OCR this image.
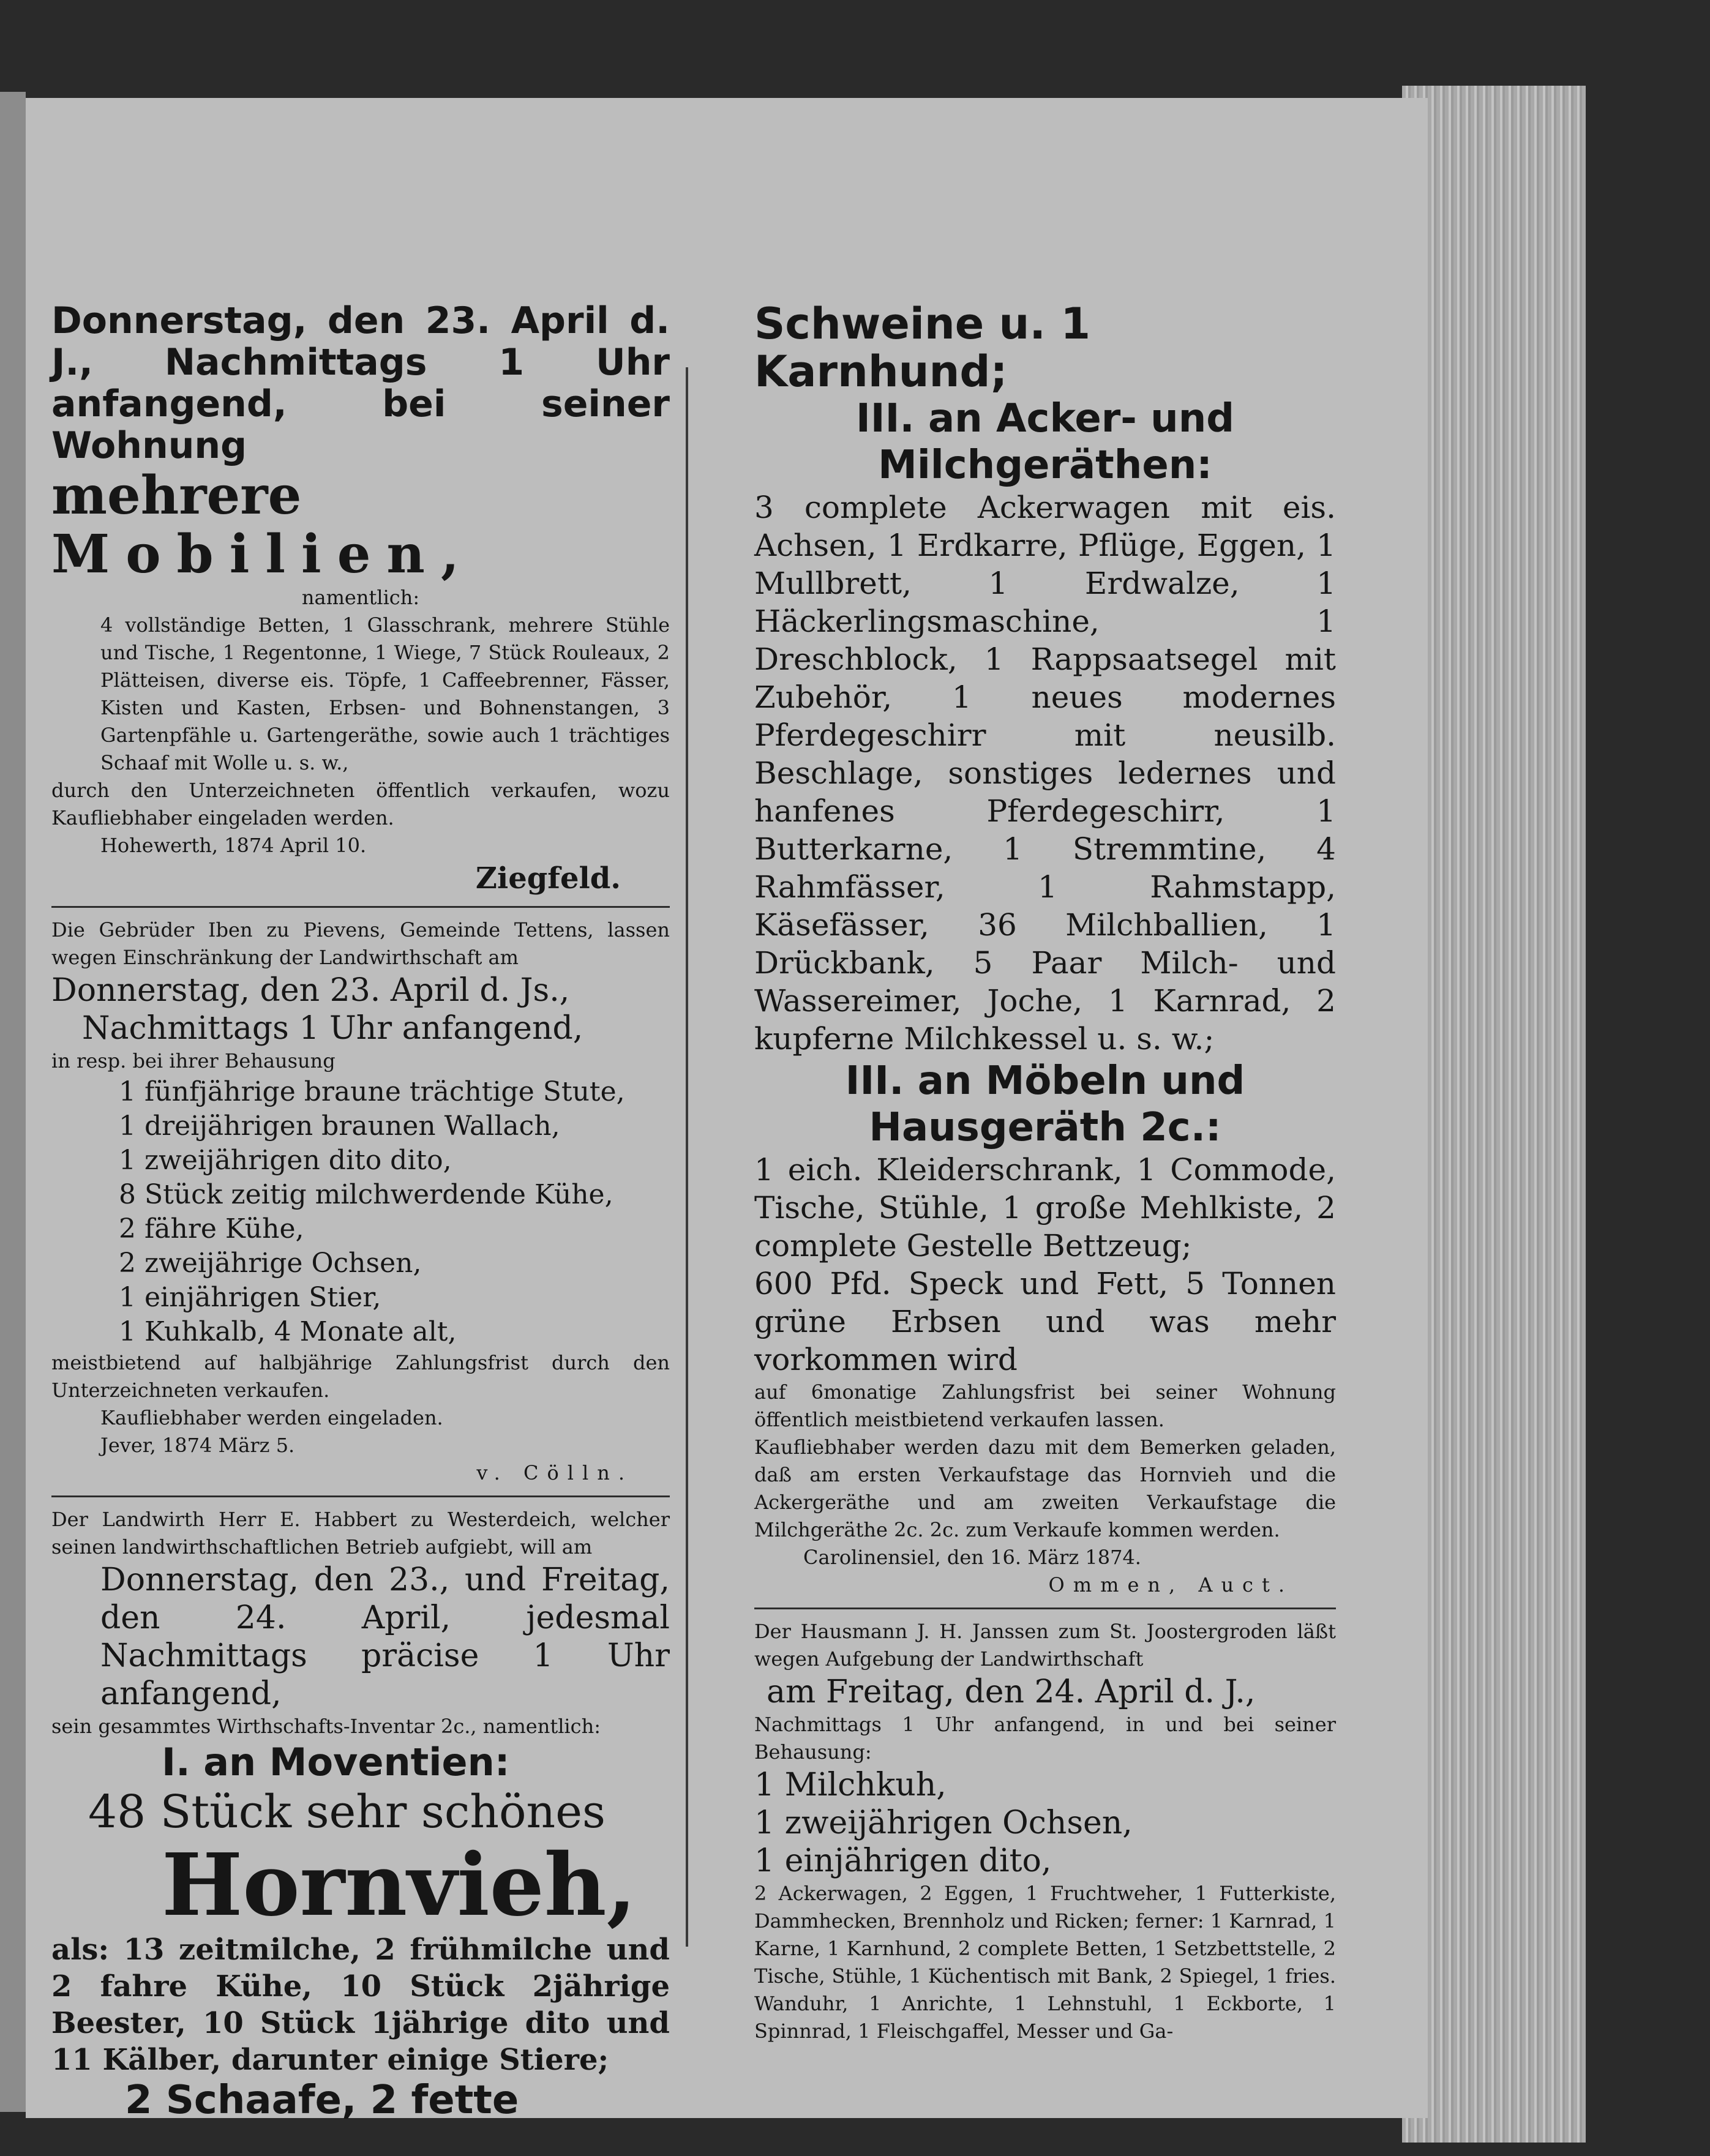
Donnerstag, den 23. April d. J., Nachmittags 1 Uhr anfangend, bei seiner Wohnung
mehrere Mobilien,
namentlich:
4 vollständige Betten, 1 Glasschrank, mehrere Stühle und Tische, 1 Regentonne, 1 Wiege, 7 Stück Rouleaux, 2 Plätteisen, diverse eis. Töpfe, 1 Caffeebrenner, Fässer, Kisten und Kasten, Erbsen- und Bohnenstangen, 3 Gartenpfähle u. Gartengeräthe, sowie auch 1 trächtiges Schaaf mit Wolle u. s. w.,
durch den Unterzeichneten öffentlich verkaufen, wozu Kaufliebhaber eingeladen werden.
Hohewerth, 1874 April 10.
Ziegfeld.
Die Gebrüder Iben zu Pievens, Gemeinde Tettens, lassen wegen Einschränkung der Landwirthschaft am
Donnerstag, den 23. April d. Js.,
Nachmittags 1 Uhr anfangend,
in resp. bei ihrer Behausung
1 fünfjährige braune trächtige Stute,
1 dreijährigen braunen Wallach,
1 zweijährigen dito dito,
8 Stück zeitig milchwerdende Kühe,
2 fähre Kühe,
2 zweijährige Ochsen,
1 einjährigen Stier,
1 Kuhkalb, 4 Monate alt,
meistbietend auf halbjährige Zahlungsfrist durch den Unterzeichneten verkaufen.
Kaufliebhaber werden eingeladen.
Jever, 1874 März 5.
v. Cölln.
Der Landwirth Herr E. Habbert zu Westerdeich, welcher seinen landwirthschaftlichen Betrieb aufgiebt, will am
Donnerstag, den 23., und Freitag, den 24. April, jedesmal Nachmittags präcise 1 Uhr anfangend,
sein gesammtes Wirthschafts-Inventar 2c., namentlich:
I. an Moventien:
48 Stück sehr schönes
Hornvieh,
als: 13 zeitmilche, 2 frühmilche und 2 fahre Kühe, 10 Stück 2jährige Beester, 10 Stück 1jährige dito und 11 Kälber, darunter einige Stiere;
2 Schaafe, 2 fette
Schweine u. 1 Karnhund;
III. an Acker- und Milchgeräthen:
3 complete Ackerwagen mit eis. Achsen, 1 Erdkarre, Pflüge, Eggen, 1 Mullbrett, 1 Erdwalze, 1 Häckerlingsmaschine, 1 Dreschblock, 1 Rappsaatsegel mit Zubehör, 1 neues modernes Pferdegeschirr mit neusilb. Beschlage, sonstiges ledernes und hanfenes Pferdegeschirr, 1 Butterkarne, 1 Stremmtine, 4 Rahmfässer, 1 Rahmstapp, Käsefässer, 36 Milchballien, 1 Drückbank, 5 Paar Milch- und Wassereimer, Joche, 1 Karnrad, 2 kupferne Milchkessel u. s. w.;
III. an Möbeln und Hausgeräth 2c.:
1 eich. Kleiderschrank, 1 Commode, Tische, Stühle, 1 große Mehlkiste, 2 complete Gestelle Bettzeug;
600 Pfd. Speck und Fett, 5 Tonnen grüne Erbsen und was mehr vorkommen wird
auf 6monatige Zahlungsfrist bei seiner Wohnung öffentlich meistbietend verkaufen lassen.
Kaufliebhaber werden dazu mit dem Bemerken geladen, daß am ersten Verkaufstage das Hornvieh und die Ackergeräthe und am zweiten Verkaufstage die Milchgeräthe 2c. 2c. zum Verkaufe kommen werden.
Carolinensiel, den 16. März 1874.
Ommen, Auct.
Der Hausmann J. H. Janssen zum St. Joostergroden läßt wegen Aufgebung der Landwirthschaft
am Freitag, den 24. April d. J.,
Nachmittags 1 Uhr anfangend, in und bei seiner Behausung:
1 Milchkuh,
1 zweijährigen Ochsen,
1 einjährigen dito,
2 Ackerwagen, 2 Eggen, 1 Fruchtweher, 1 Futterkiste, Dammhecken, Brennholz und Ricken; ferner: 1 Karnrad, 1 Karne, 1 Karnhund, 2 complete Betten, 1 Setzbettstelle, 2 Tische, Stühle, 1 Küchentisch mit Bank, 2 Spiegel, 1 fries. Wanduhr, 1 Anrichte, 1 Lehnstuhl, 1 Eckborte, 1 Spinnrad, 1 Fleischgaffel, Messer und Ga-
